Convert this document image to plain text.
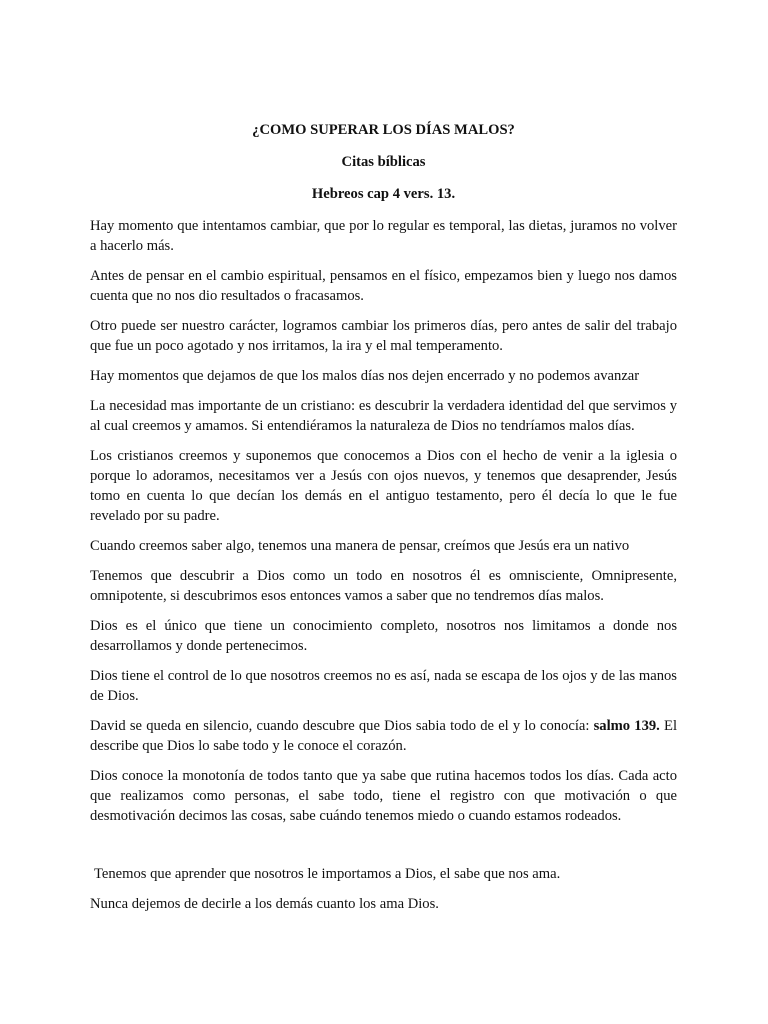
¿COMO SUPERAR LOS DÍAS MALOS?

Citas bíblicas

Hebreos cap 4 vers. 13.

Hay momento que intentamos cambiar, que por lo regular es temporal, las dietas, juramos no volver a hacerlo más.

Antes de pensar en el cambio espiritual, pensamos en el físico, empezamos bien y luego nos damos cuenta que no nos dio resultados o fracasamos.

Otro puede ser nuestro carácter, logramos cambiar los primeros días, pero antes de salir del trabajo que fue un poco agotado y nos irritamos, la ira y el mal temperamento.

Hay momentos que dejamos de que los malos días nos dejen encerrado y no podemos avanzar

La necesidad mas importante de un cristiano: es descubrir la verdadera identidad del que servimos y al cual creemos y amamos. Si entendiéramos la naturaleza de Dios no tendríamos malos días.

Los cristianos creemos y suponemos que conocemos a Dios con el hecho de venir a la iglesia o porque lo adoramos, necesitamos ver a Jesús con ojos nuevos, y tenemos que desaprender, Jesús tomo en cuenta lo que decían los demás en el antiguo testamento, pero él decía lo que le fue revelado por su padre.

Cuando creemos saber algo, tenemos una manera de pensar, creímos que Jesús era un nativo

Tenemos que descubrir a Dios como un todo en nosotros él es omnisciente, Omnipresente, omnipotente, si descubrimos esos entonces vamos a saber que no tendremos días malos.

Dios es el único que tiene un conocimiento completo, nosotros nos limitamos a donde nos desarrollamos y donde pertenecimos.

Dios tiene el control de lo que nosotros creemos no es así, nada se escapa de los ojos y de las manos de Dios.

David se queda en silencio, cuando descubre que Dios sabia todo de el y lo conocía: salmo 139. El describe que Dios lo sabe todo y le conoce el corazón.

Dios conoce la monotonía de todos tanto que ya sabe que rutina hacemos todos los días. Cada acto que realizamos como personas, el sabe todo, tiene el registro con que motivación o que desmotivación decimos las cosas, sabe cuándo tenemos miedo o cuando estamos rodeados.

Tenemos que aprender que nosotros le importamos a Dios, el sabe que nos ama.

Nunca dejemos de decirle a los demás cuanto los ama Dios.
